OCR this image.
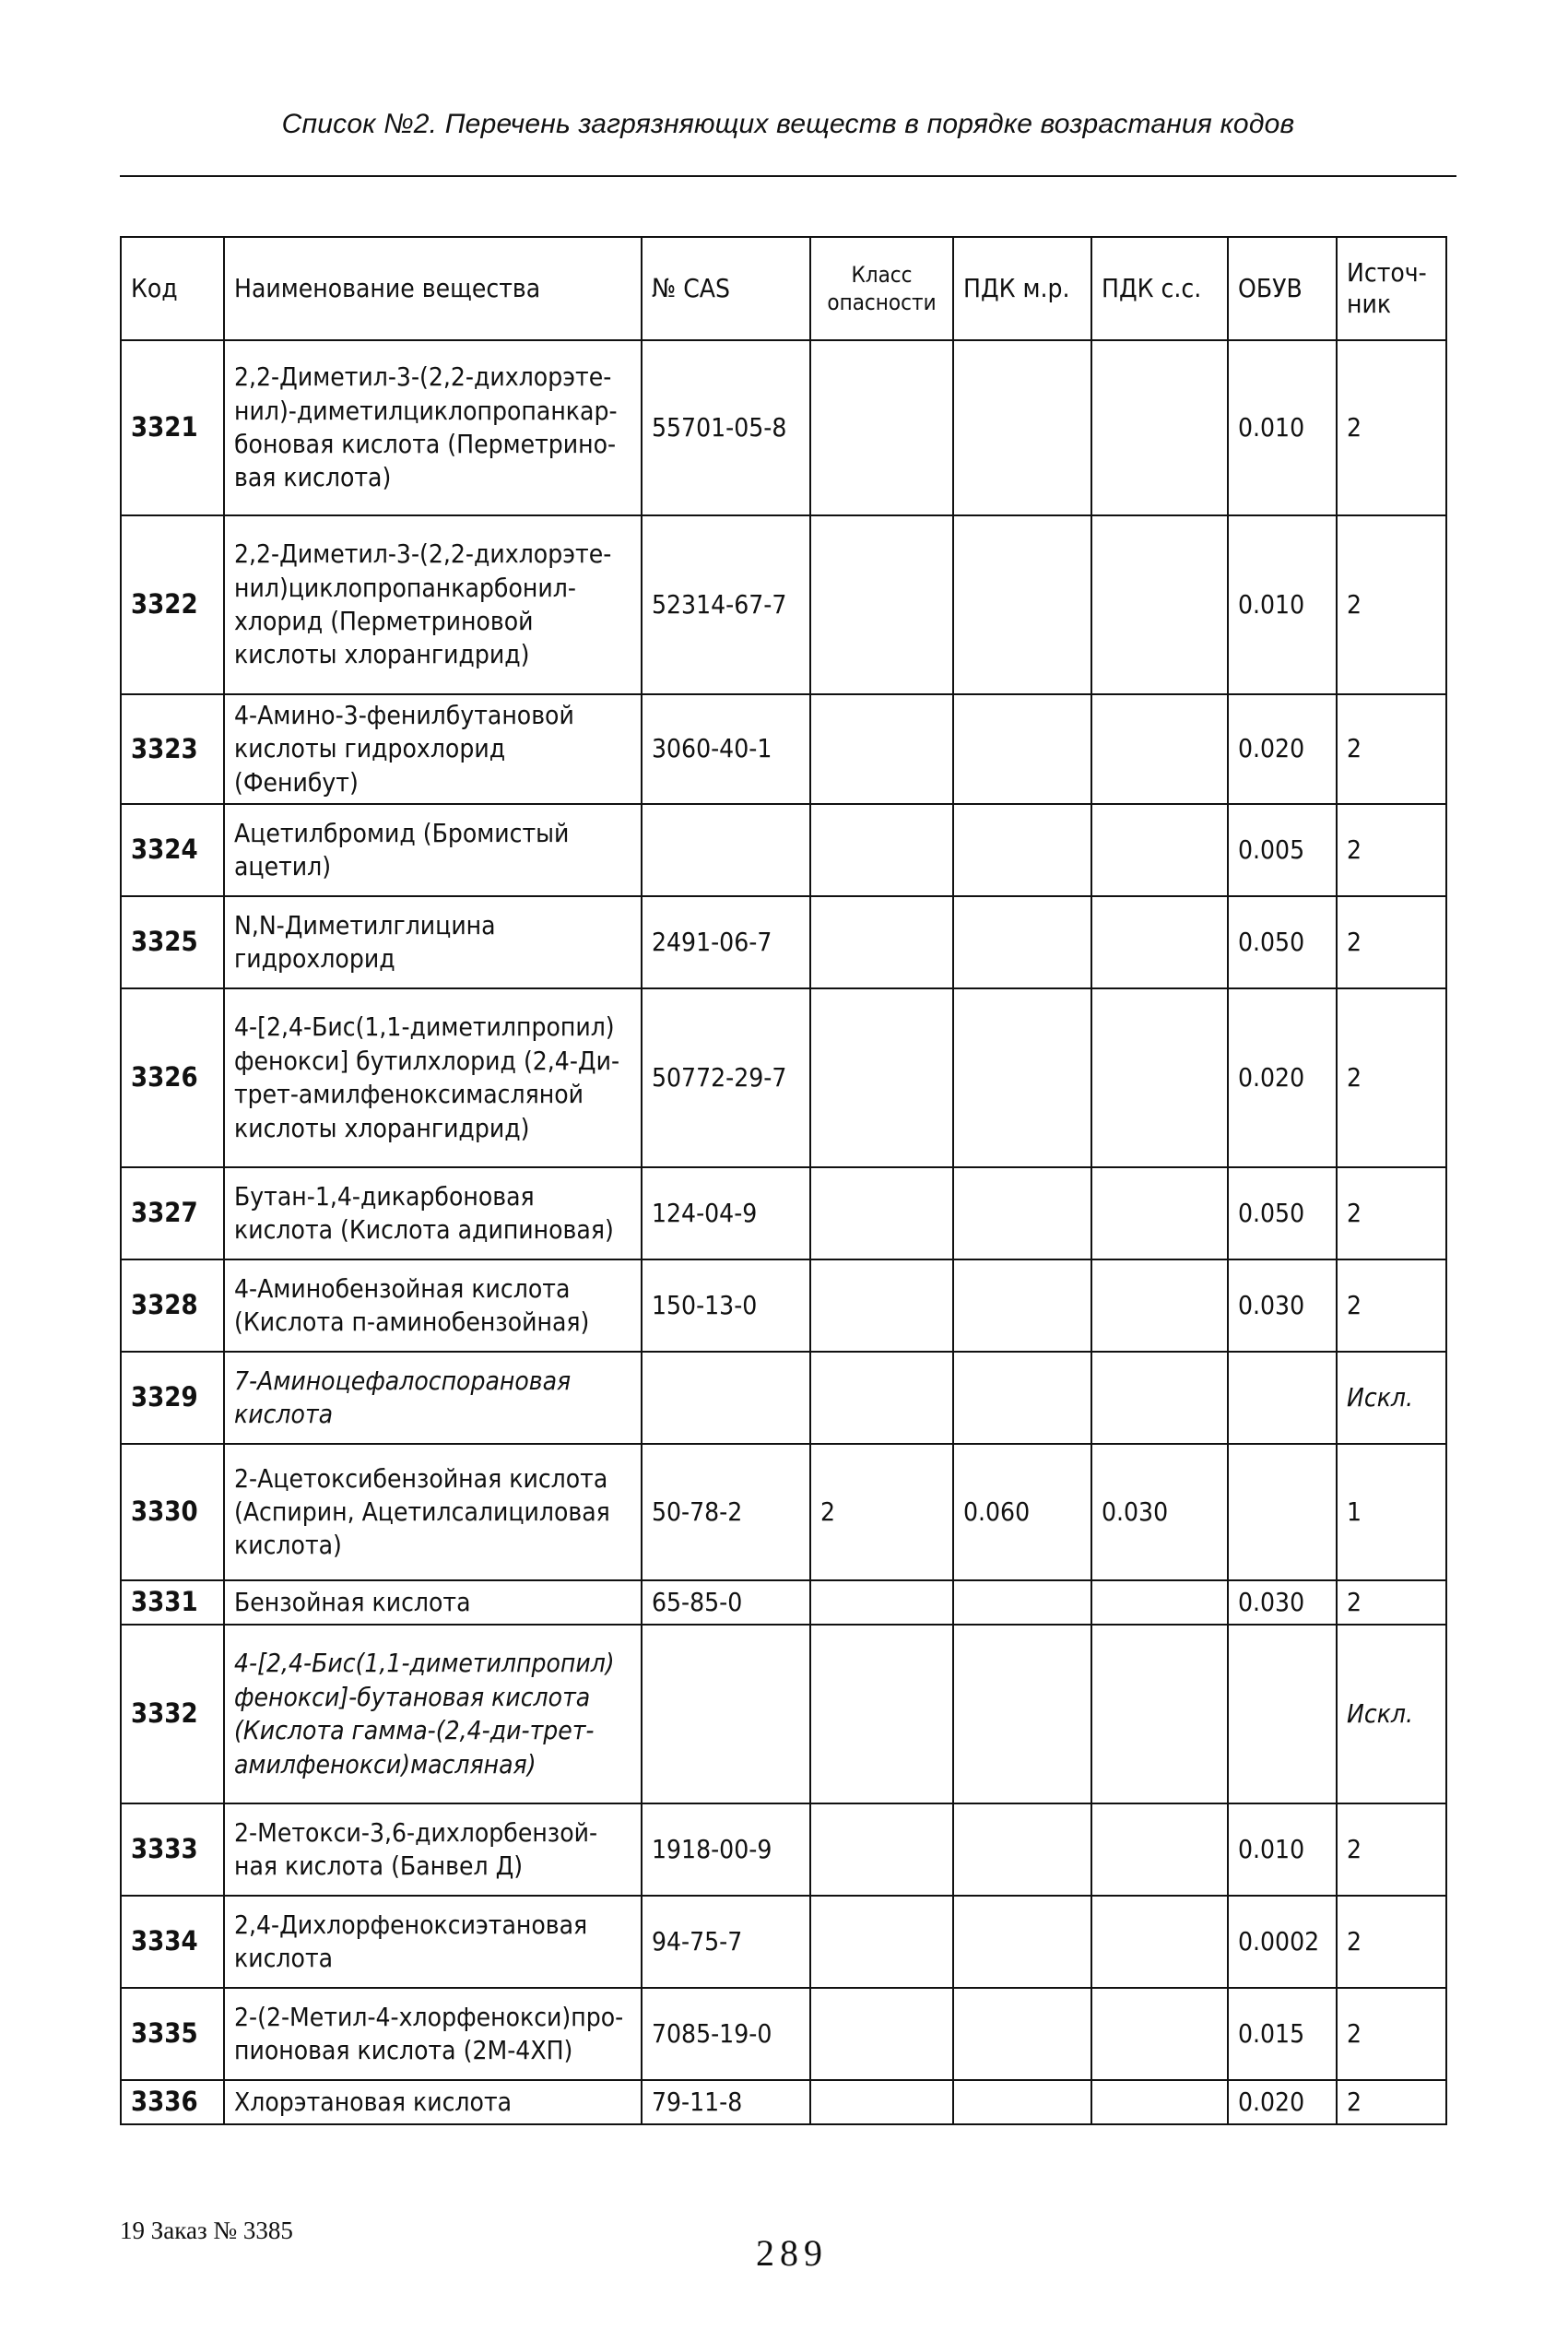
Список №2. Перечень загрязняющих веществ в порядке возрастания кодов
Код	Наименование вещества	№ CAS	Класс опасности	ПДК м.р.	ПДК с.с.	ОБУВ	Источ-ник
3321	2,2-Диметил-3-(2,2-дихлорэте-нил)-диметилциклопропанкар-боновая кислота (Перметрино-вая кислота)	55701-05-8				0.010	2
3322	2,2-Диметил-3-(2,2-дихлорэте-нил)циклопропанкарбонил-хлорид (Перметриновой кислоты хлорангидрид)	52314-67-7				0.010	2
3323	4-Амино-3-фенилбутановой кислоты гидрохлорид (Фенибут)	3060-40-1				0.020	2
3324	Ацетилбромид (Бромистый ацетил)					0.005	2
3325	N,N-Диметилглицина гидрохлорид	2491-06-7				0.050	2
3326	4-[2,4-Бис(1,1-диметилпропил) фенокси] бутилхлорид (2,4-Ди-трет-амилфеноксимасляной кислоты хлорангидрид)	50772-29-7				0.020	2
3327	Бутан-1,4-дикарбоновая кислота (Кислота адипиновая)	124-04-9				0.050	2
3328	4-Аминобензойная кислота (Кислота п-аминобензойная)	150-13-0				0.030	2
3329	7-Аминоцефалоспорановая кислота						Искл.
3330	2-Ацетоксибензойная кислота (Аспирин, Ацетилсалициловая кислота)	50-78-2	2	0.060	0.030		1
3331	Бензойная кислота	65-85-0				0.030	2
3332	4-[2,4-Бис(1,1-диметилпропил) фенокси]-бутановая кислота (Кислота гамма-(2,4-ди-трет-амилфенокси)масляная)						Искл.
3333	2-Метокси-3,6-дихлорбензой-ная кислота (Банвел Д)	1918-00-9				0.010	2
3334	2,4-Дихлорфеноксиэтановая кислота	94-75-7				0.0002	2
3335	2-(2-Метил-4-хлорфенокси)про-пионовая кислота (2М-4ХП)	7085-19-0				0.015	2
3336	Хлорэтановая кислота	79-11-8				0.020	2
19 Заказ № 3385
289
